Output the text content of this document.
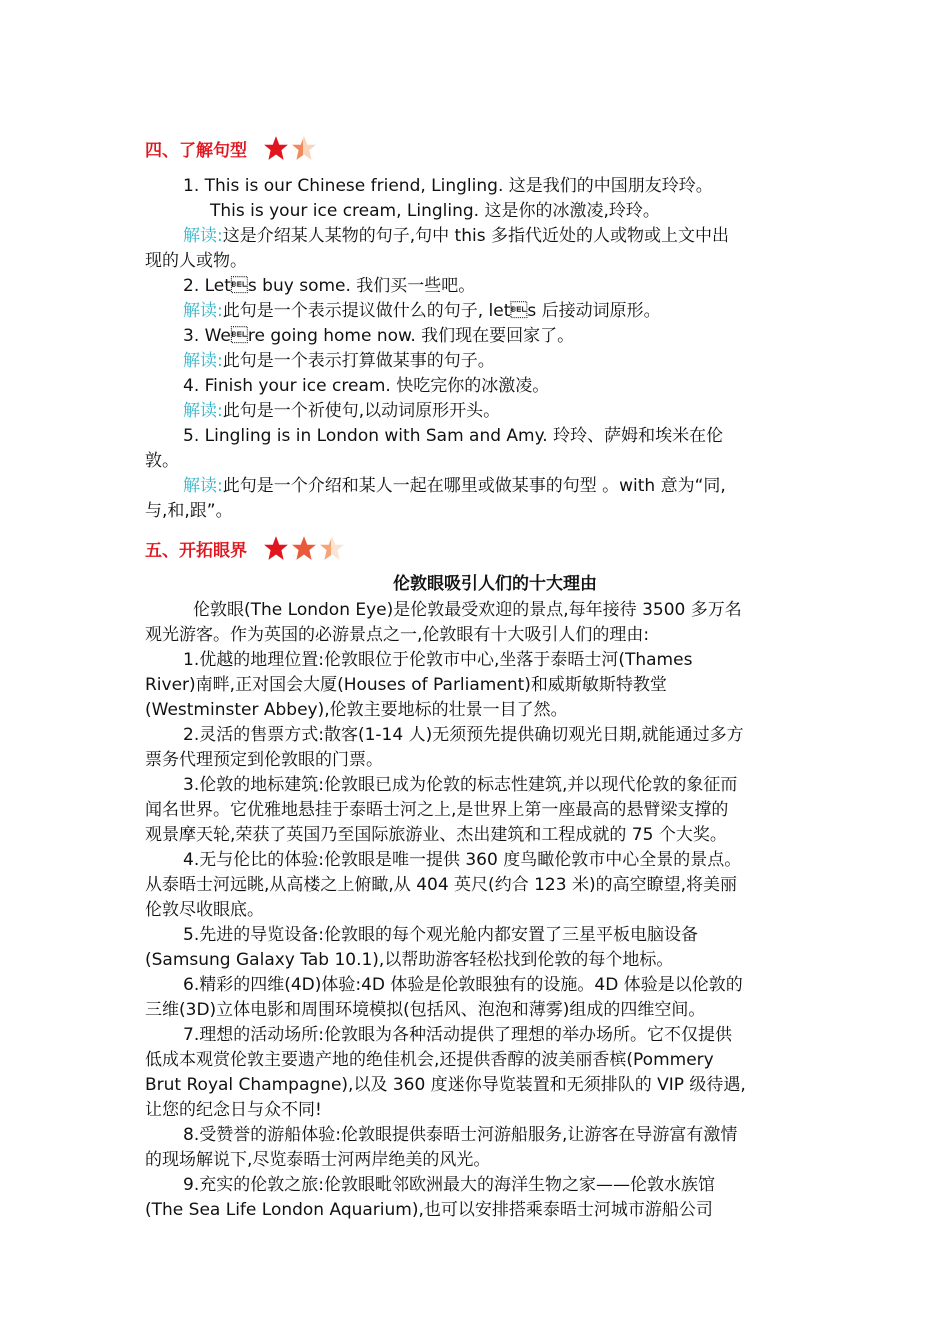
四、了解句型
1. This is our Chinese friend, Lingling. 这是我们的中国朋友玲玲。
This is your ice cream, Lingling. 这是你的冰激凌,玲玲。
解读:这是介绍某人某物的句子,句中 this 多指代近处的人或物或上文中出
现的人或物。
2. Lets buy some. 我们买一些吧。
解读:此句是一个表示提议做什么的句子, lets 后接动词原形。
3. Were going home now. 我们现在要回家了。
解读:此句是一个表示打算做某事的句子。
4. Finish your ice cream. 快吃完你的冰激凌。
解读:此句是一个祈使句,以动词原形开头。
5. Lingling is in London with Sam and Amy. 玲玲、萨姆和埃米在伦
敦。
解读:此句是一个介绍和某人一起在哪里或做某事的句型 。with 意为“同,
与,和,跟”。
五、开拓眼界
伦敦眼吸引人们的十大理由
伦敦眼(The London Eye)是伦敦最受欢迎的景点,每年接待 3500 多万名
观光游客。作为英国的必游景点之一,伦敦眼有十大吸引人们的理由:
1.优越的地理位置:伦敦眼位于伦敦市中心,坐落于泰晤士河(Thames
River)南畔,正对国会大厦(Houses of Parliament)和威斯敏斯特教堂
(Westminster Abbey),伦敦主要地标的壮景一目了然。
2.灵活的售票方式:散客(1-14 人)无须预先提供确切观光日期,就能通过多方
票务代理预定到伦敦眼的门票。
3.伦敦的地标建筑:伦敦眼已成为伦敦的标志性建筑,并以现代伦敦的象征而
闻名世界。它优雅地悬挂于泰晤士河之上,是世界上第一座最高的悬臂梁支撑的
观景摩天轮,荣获了英国乃至国际旅游业、杰出建筑和工程成就的 75 个大奖。
4.无与伦比的体验:伦敦眼是唯一提供 360 度鸟瞰伦敦市中心全景的景点。
从泰晤士河远眺,从高楼之上俯瞰,从 404 英尺(约合 123 米)的高空瞭望,将美丽
伦敦尽收眼底。
5.先进的导览设备:伦敦眼的每个观光舱内都安置了三星平板电脑设备
(Samsung Galaxy Tab 10.1),以帮助游客轻松找到伦敦的每个地标。
6.精彩的四维(4D)体验:4D 体验是伦敦眼独有的设施。4D 体验是以伦敦的
三维(3D)立体电影和周围环境模拟(包括风、泡泡和薄雾)组成的四维空间。
7.理想的活动场所:伦敦眼为各种活动提供了理想的举办场所。它不仅提供
低成本观赏伦敦主要遗产地的绝佳机会,还提供香醇的波美丽香槟(Pommery
Brut Royal Champagne),以及 360 度迷你导览装置和无须排队的 VIP 级待遇,
让您的纪念日与众不同!
8.受赞誉的游船体验:伦敦眼提供泰晤士河游船服务,让游客在导游富有激情
的现场解说下,尽览泰晤士河两岸绝美的风光。
9.充实的伦敦之旅:伦敦眼毗邻欧洲最大的海洋生物之家——伦敦水族馆
(The Sea Life London Aquarium),也可以安排搭乘泰晤士河城市游船公司
